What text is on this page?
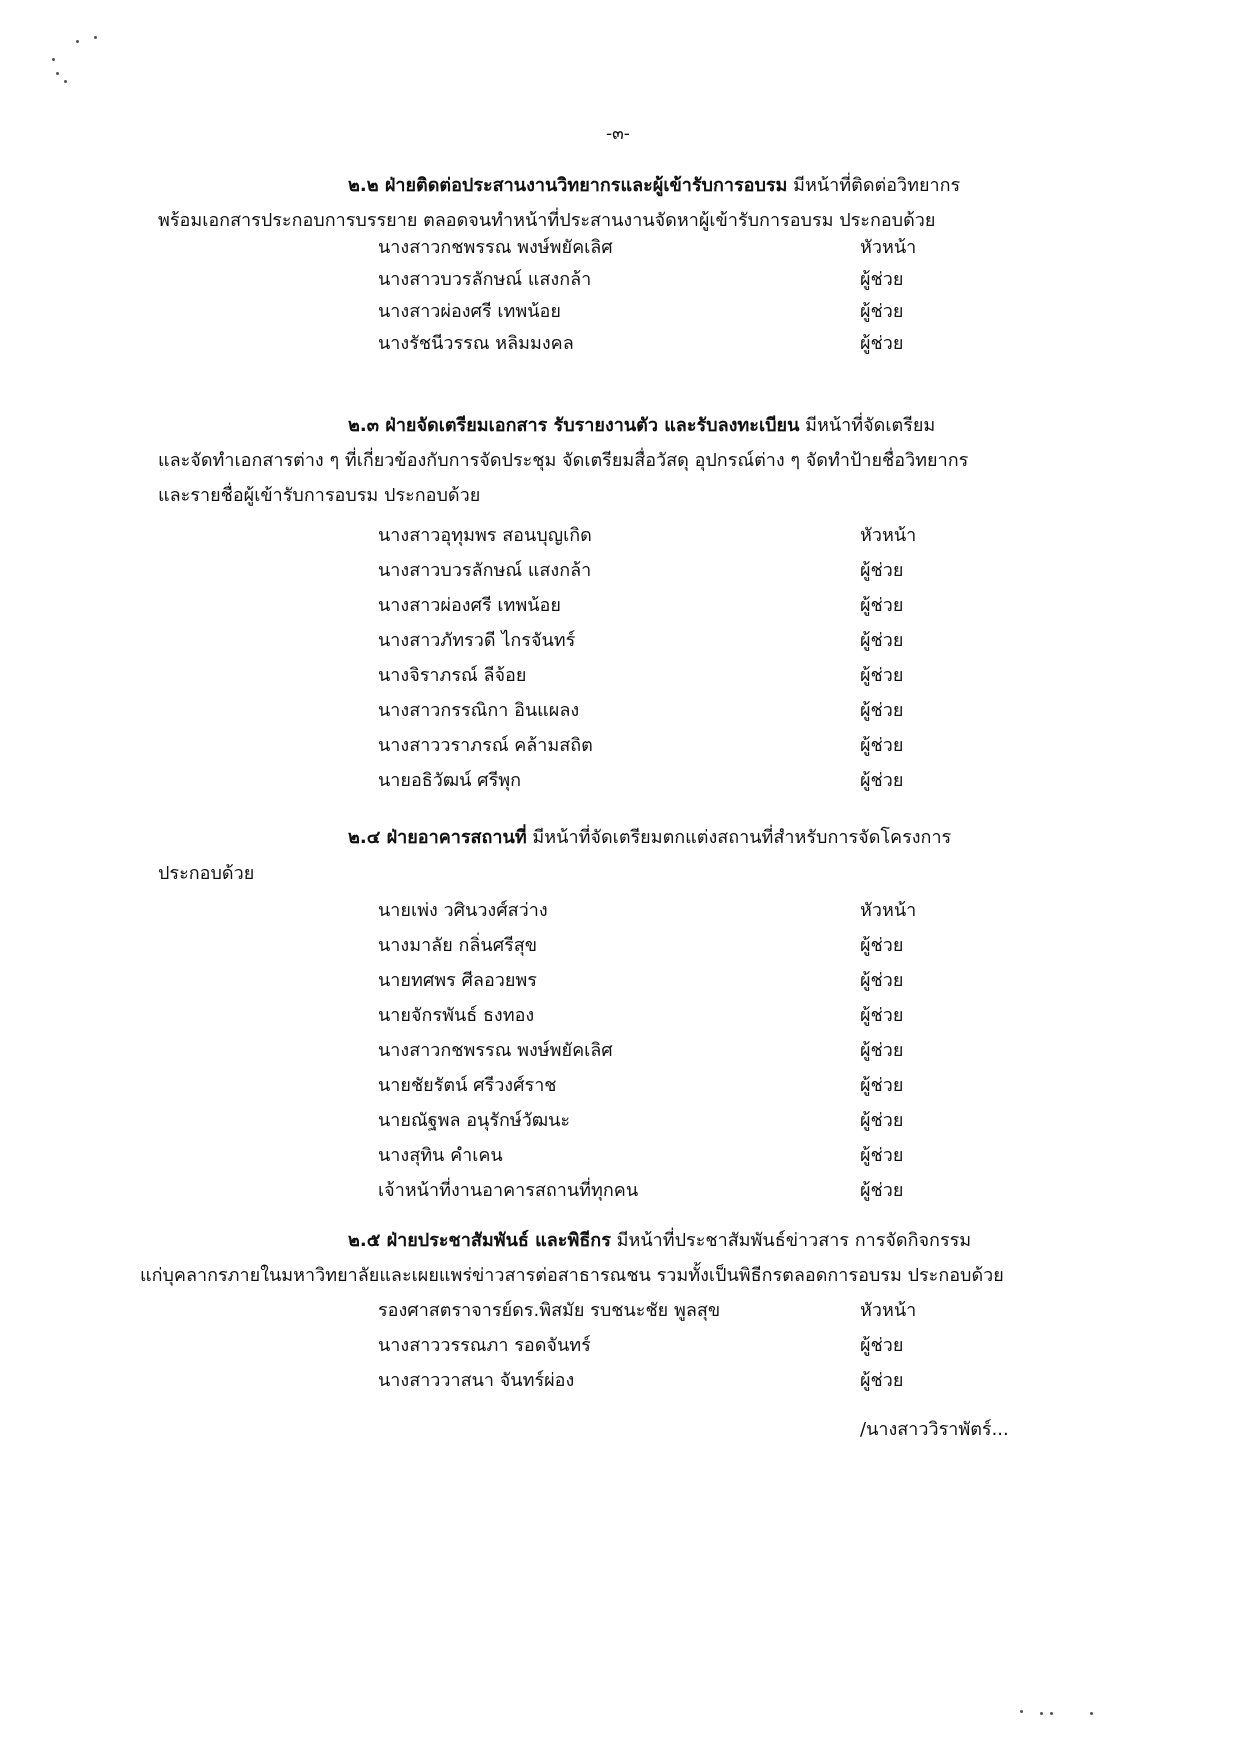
-๓-
๒.๒ ฝ่ายติดต่อประสานงานวิทยากรและผู้เข้ารับการอบรม มีหน้าที่ติดต่อวิทยากร
พร้อมเอกสารประกอบการบรรยาย ตลอดจนทำหน้าที่ประสานงานจัดหาผู้เข้ารับการอบรม ประกอบด้วย
นางสาวกชพรรณ พงษ์พยัคเลิศ	หัวหน้า
นางสาวบวรลักษณ์ แสงกล้า	ผู้ช่วย
นางสาวผ่องศรี เทพน้อย	ผู้ช่วย
นางรัชนีวรรณ หลิมมงคล	ผู้ช่วย
๒.๓ ฝ่ายจัดเตรียมเอกสาร รับรายงานตัว และรับลงทะเบียน มีหน้าที่จัดเตรียม
และจัดทำเอกสารต่าง ๆ ที่เกี่ยวข้องกับการจัดประชุม จัดเตรียมสื่อวัสดุ อุปกรณ์ต่าง ๆ จัดทำป้ายชื่อวิทยากร
และรายชื่อผู้เข้ารับการอบรม ประกอบด้วย
นางสาวอุทุมพร สอนบุญเกิด	หัวหน้า
นางสาวบวรลักษณ์ แสงกล้า	ผู้ช่วย
นางสาวผ่องศรี เทพน้อย	ผู้ช่วย
นางสาวภัทรวดี ไกรจันทร์	ผู้ช่วย
นางจิราภรณ์ ลีจ้อย	ผู้ช่วย
นางสาวกรรณิกา อินแผลง	ผู้ช่วย
นางสาววราภรณ์ คล้ามสถิต	ผู้ช่วย
นายอธิวัฒน์ ศรีพุก	ผู้ช่วย
๒.๔ ฝ่ายอาคารสถานที่ มีหน้าที่จัดเตรียมตกแต่งสถานที่สำหรับการจัดโครงการ
ประกอบด้วย
นายเพ่ง วศินวงศ์สว่าง	หัวหน้า
นางมาลัย กลิ่นศรีสุข	ผู้ช่วย
นายทศพร ศีลอวยพร	ผู้ช่วย
นายจักรพันธ์ ธงทอง	ผู้ช่วย
นางสาวกชพรรณ พงษ์พยัคเลิศ	ผู้ช่วย
นายชัยรัตน์ ศรีวงศ์ราช	ผู้ช่วย
นายณัฐพล อนุรักษ์วัฒนะ	ผู้ช่วย
นางสุทิน คำเคน	ผู้ช่วย
เจ้าหน้าที่งานอาคารสถานที่ทุกคน	ผู้ช่วย
๒.๕ ฝ่ายประชาสัมพันธ์ และพิธีกร มีหน้าที่ประชาสัมพันธ์ข่าวสาร การจัดกิจกรรม
แก่บุคลากรภายในมหาวิทยาลัยและเผยแพร่ข่าวสารต่อสาธารณชน รวมทั้งเป็นพิธีกรตลอดการอบรม ประกอบด้วย
รองศาสตราจารย์ดร.พิสมัย รบชนะชัย พูลสุข	หัวหน้า
นางสาววรรณภา รอดจันทร์	ผู้ช่วย
นางสาววาสนา จันทร์ผ่อง	ผู้ช่วย
/นางสาววิราพัตร์...
